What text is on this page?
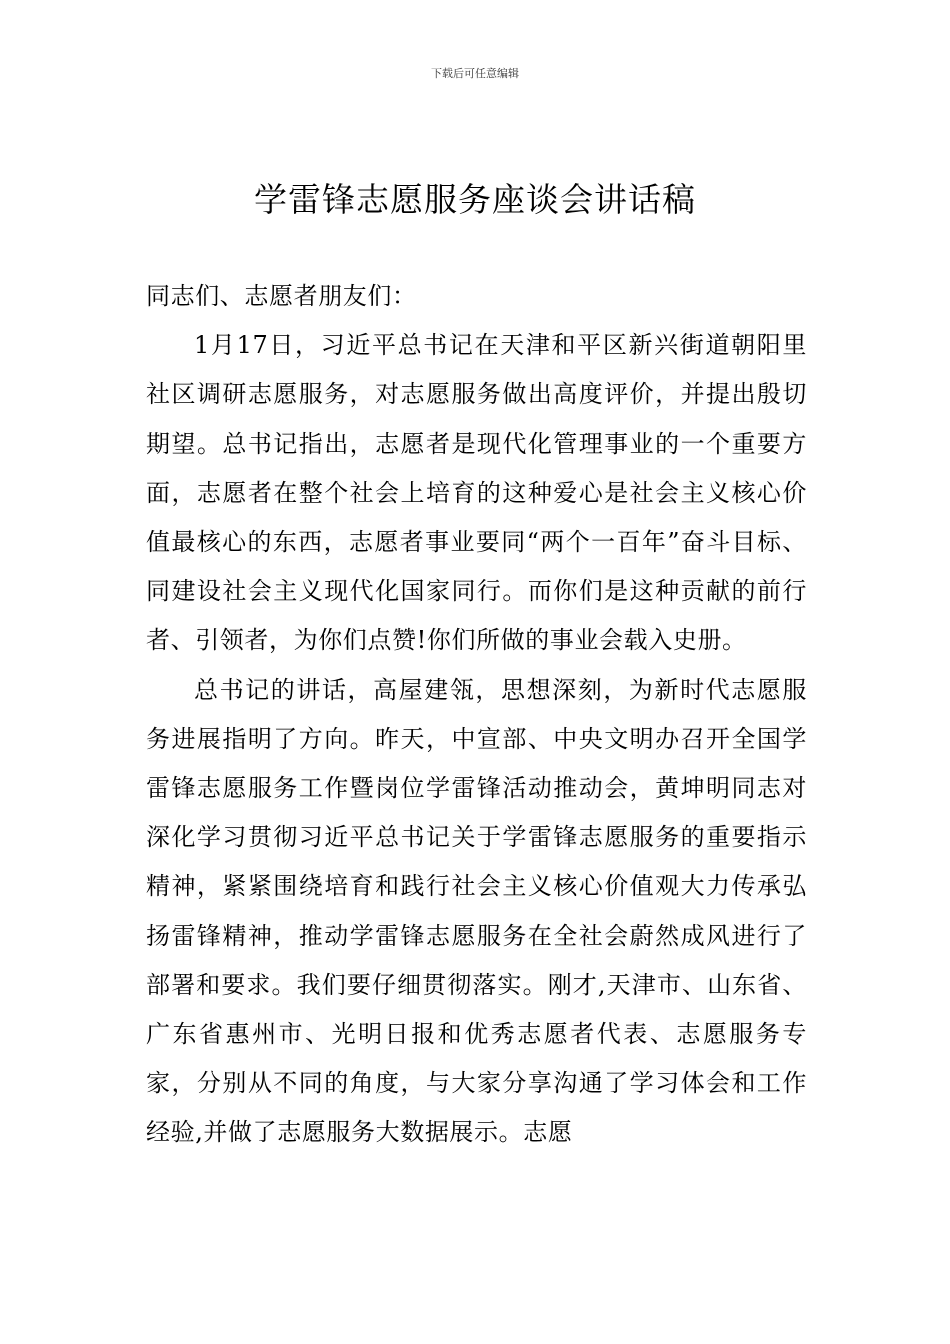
下载后可任意编辑
学雷锋志愿服务座谈会讲话稿

同志们、志愿者朋友们：

1月17日，习近平总书记在天津和平区新兴街道朝阳里社区调研志愿服务，对志愿服务做出高度评价，并提出殷切期望。总书记指出，志愿者是现代化管理事业的一个重要方面，志愿者在整个社会上培育的这种爱心是社会主义核心价值最核心的东西，志愿者事业要同“两个一百年”奋斗目标、同建设社会主义现代化国家同行。而你们是这种贡献的前行者、引领者，为你们点赞!你们所做的事业会载入史册。

总书记的讲话，高屋建瓴，思想深刻，为新时代志愿服务进展指明了方向。昨天，中宣部、中央文明办召开全国学雷锋志愿服务工作暨岗位学雷锋活动推动会，黄坤明同志对深化学习贯彻习近平总书记关于学雷锋志愿服务的重要指示精神，紧紧围绕培育和践行社会主义核心价值观大力传承弘扬雷锋精神，推动学雷锋志愿服务在全社会蔚然成风进行了部署和要求。我们要仔细贯彻落实。刚才,天津市、山东省、广东省惠州市、光明日报和优秀志愿者代表、志愿服务专家，分别从不同的角度，与大家分享沟通了学习体会和工作经验,并做了志愿服务大数据展示。志愿
